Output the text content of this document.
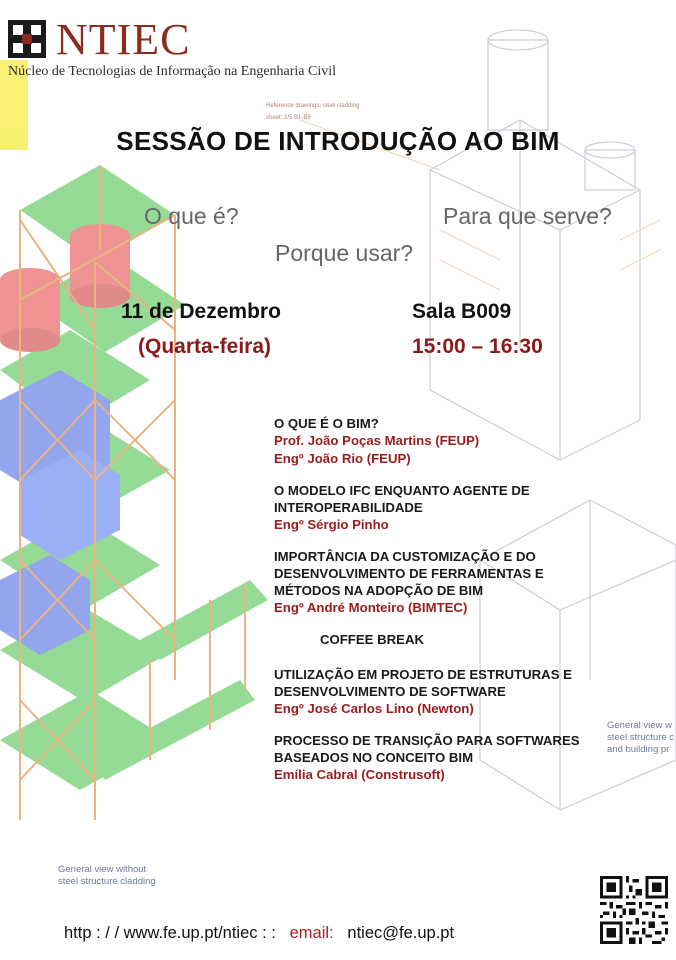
General view without
steel structure cladding
General view w
steel structure c
and building pr
Reference drawings: steel cladding
sheet: 2/5 B1-B9
NTIEC
Núcleo de Tecnologias de Informação na Engenharia Civil
SESSÃO DE INTRODUÇÃO AO BIM
O que é?	Para que serve?
Porque usar?
11 de Dezembro
(Quarta-feira)
Sala B009
15:00 – 16:30
O QUE É O BIM?
Prof. João Poças Martins (FEUP)
Engº João Rio (FEUP)
O MODELO IFC ENQUANTO AGENTE DE
INTEROPERABILIDADE
Engº Sérgio Pinho
IMPORTÂNCIA DA CUSTOMIZAÇÃO E DO
DESENVOLVIMENTO DE FERRAMENTAS E
MÉTODOS NA ADOPÇÃO DE BIM
Engº André Monteiro (BIMTEC)
COFFEE BREAK
UTILIZAÇÃO EM PROJETO DE ESTRUTURAS E
DESENVOLVIMENTO DE SOFTWARE
Engº José Carlos Lino (Newton)
PROCESSO DE TRANSIÇÃO PARA SOFTWARES
BASEADOS NO CONCEITO BIM
Emília Cabral (Construsoft)
http : / / www.fe.up.pt/ntiec : :   email: ntiec@fe.up.pt
